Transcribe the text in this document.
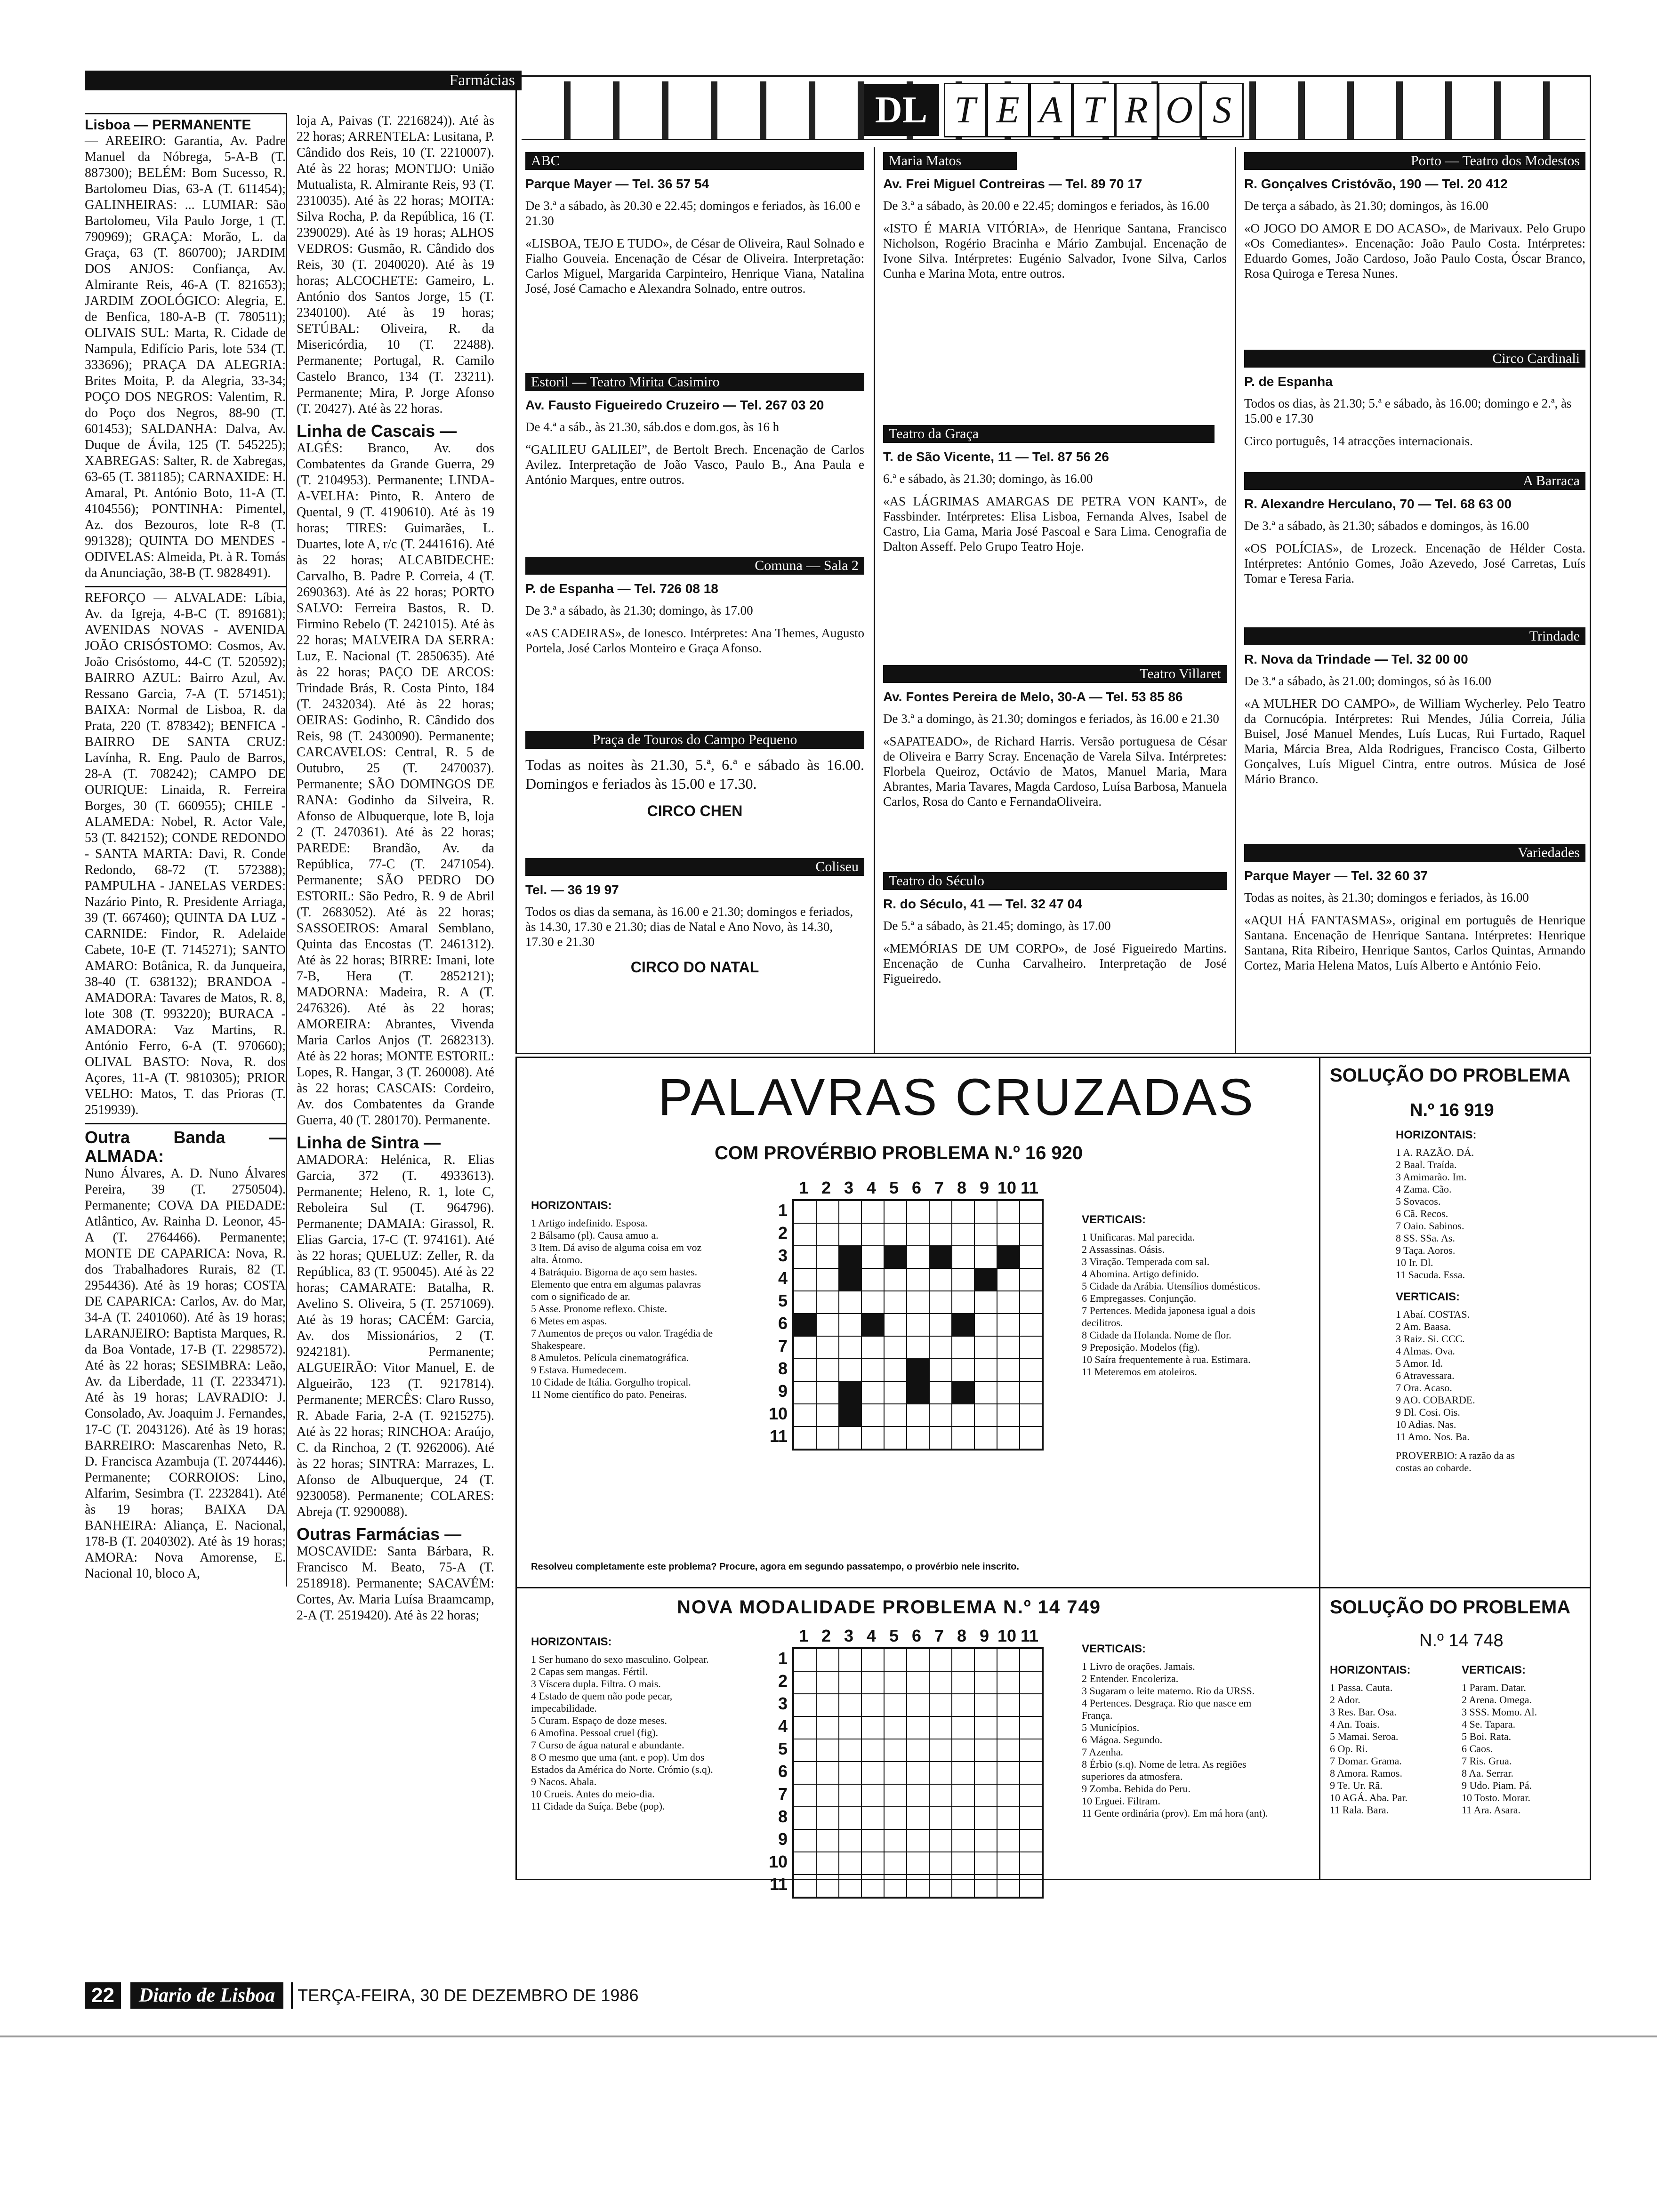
Farmácias
Lisboa — PERMANENTE
— AREEIRO: Garantia, Av. Padre Manuel da Nóbrega, 5-A-B (T. 887300); BELÉM: Bom Sucesso, R. Bartolomeu Dias, 63-A (T. 611454); GALINHEIRAS: ... LUMIAR: São Bartolomeu, Vila Paulo Jorge, 1 (T. 790969); GRAÇA: Morão, L. da Graça, 63 (T. 860700); JARDIM DOS ANJOS: Confiança, Av. Almirante Reis, 46-A (T. 821653); JARDIM ZOOLÓGICO: Alegria, E. de Benfica, 180-A-B (T. 780511); OLIVAIS SUL: Marta, R. Cidade de Nampula, Edifício Paris, lote 534 (T. 333696); PRAÇA DA ALEGRIA: Brites Moita, P. da Alegria, 33-34; POÇO DOS NEGROS: Valentim, R. do Poço dos Negros, 88-90 (T. 601453); SALDANHA: Dalva, Av. Duque de Ávila, 125 (T. 545225); XABREGAS: Salter, R. de Xabregas, 63-65 (T. 381185); CARNAXIDE: H. Amaral, Pt. António Boto, 11-A (T. 4104556); PONTINHA: Pimentel, Az. dos Bezouros, lote R-8 (T. 991328); QUINTA DO MENDES - ODIVELAS: Almeida, Pt. à R. Tomás da Anunciação, 38-B (T. 9828491).
REFORÇO — ALVALADE: Líbia, Av. da Igreja, 4-B-C (T. 891681); AVENIDAS NOVAS - AVENIDA JOÃO CRISÓSTOMO: Cosmos, Av. João Crisóstomo, 44-C (T. 520592); BAIRRO AZUL: Bairro Azul, Av. Ressano Garcia, 7-A (T. 571451); BAIXA: Normal de Lisboa, R. da Prata, 220 (T. 878342); BENFICA - BAIRRO DE SANTA CRUZ: Lavínha, R. Eng. Paulo de Barros, 28-A (T. 708242); CAMPO DE OURIQUE: Linaida, R. Ferreira Borges, 30 (T. 660955); CHILE - ALAMEDA: Nobel, R. Actor Vale, 53 (T. 842152); CONDE REDONDO - SANTA MARTA: Davi, R. Conde Redondo, 68-72 (T. 572388); PAMPULHA - JANELAS VERDES: Nazário Pinto, R. Presidente Arriaga, 39 (T. 667460); QUINTA DA LUZ - CARNIDE: Findor, R. Adelaide Cabete, 10-E (T. 7145271); SANTO AMARO: Botânica, R. da Junqueira, 38-40 (T. 638132); BRANDOA - AMADORA: Tavares de Matos, R. 8, lote 308 (T. 993220); BURACA - AMADORA: Vaz Martins, R. António Ferro, 6-A (T. 970660); OLIVAL BASTO: Nova, R. dos Açores, 11-A (T. 9810305); PRIOR VELHO: Matos, T. das Prioras (T. 2519939).
Outra Banda — ALMADA:
Nuno Álvares, A. D. Nuno Álvares Pereira, 39 (T. 2750504). Permanente; COVA DA PIEDADE: Atlântico, Av. Rainha D. Leonor, 45-A (T. 2764466). Permanente; MONTE DE CAPARICA: Nova, R. dos Trabalhadores Rurais, 82 (T. 2954436). Até às 19 horas; COSTA DE CAPARICA: Carlos, Av. do Mar, 34-A (T. 2401060). Até às 19 horas; LARANJEIRO: Baptista Marques, R. da Boa Vontade, 17-B (T. 2298572). Até às 22 horas; SESIMBRA: Leão, Av. da Liberdade, 11 (T. 2233471). Até às 19 horas; LAVRADIO: J. Consolado, Av. Joaquim J. Fernandes, 17-C (T. 2043126). Até às 19 horas; BARREIRO: Mascarenhas Neto, R. D. Francisca Azambuja (T. 2074446). Permanente; CORROIOS: Lino, Alfarim, Sesimbra (T. 2232841). Até às 19 horas; BAIXA DA BANHEIRA: Aliança, E. Nacional, 178-B (T. 2040302). Até às 19 horas; AMORA: Nova Amorense, E. Nacional 10, bloco A,
loja A, Paivas (T. 2216824)). Até às 22 horas; ARRENTELA: Lusitana, P. Cândido dos Reis, 10 (T. 2210007). Até às 22 horas; MONTIJO: União Mutualista, R. Almirante Reis, 93 (T. 2310035). Até às 22 horas; MOITA: Silva Rocha, P. da República, 16 (T. 2390029). Até às 19 horas; ALHOS VEDROS: Gusmão, R. Cândido dos Reis, 30 (T. 2040020). Até às 19 horas; ALCOCHETE: Gameiro, L. António dos Santos Jorge, 15 (T. 2340100). Até às 19 horas; SETÚBAL: Oliveira, R. da Misericórdia, 10 (T. 22488). Permanente; Portugal, R. Camilo Castelo Branco, 134 (T. 23211). Permanente; Mira, P. Jorge Afonso (T. 20427). Até às 22 horas.
Linha de Cascais —
ALGÉS: Branco, Av. dos Combatentes da Grande Guerra, 29 (T. 2104953). Permanente; LINDA-A-VELHA: Pinto, R. Antero de Quental, 9 (T. 4190610). Até às 19 horas; TIRES: Guimarães, L. Duartes, lote A, r/c (T. 2441616). Até às 22 horas; ALCABIDECHE: Carvalho, B. Padre P. Correia, 4 (T. 2690363). Até às 22 horas; PORTO SALVO: Ferreira Bastos, R. D. Firmino Rebelo (T. 2421015). Até às 22 horas; MALVEIRA DA SERRA: Luz, E. Nacional (T. 2850635). Até às 22 horas; PAÇO DE ARCOS: Trindade Brás, R. Costa Pinto, 184 (T. 2432034). Até às 22 horas; OEIRAS: Godinho, R. Cândido dos Reis, 98 (T. 2430090). Permanente; CARCAVELOS: Central, R. 5 de Outubro, 25 (T. 2470037). Permanente; SÃO DOMINGOS DE RANA: Godinho da Silveira, R. Afonso de Albuquerque, lote B, loja 2 (T. 2470361). Até às 22 horas; PAREDE: Brandão, Av. da República, 77-C (T. 2471054). Permanente; SÃO PEDRO DO ESTORIL: São Pedro, R. 9 de Abril (T. 2683052). Até às 22 horas; SASSOEIROS: Amaral Semblano, Quinta das Encostas (T. 2461312). Até às 22 horas; BIRRE: Imani, lote 7-B, Hera (T. 2852121); MADORNA: Madeira, R. A (T. 2476326). Até às 22 horas; AMOREIRA: Abrantes, Vivenda Maria Carlos Anjos (T. 2682313). Até às 22 horas; MONTE ESTORIL: Lopes, R. Hangar, 3 (T. 260008). Até às 22 horas; CASCAIS: Cordeiro, Av. dos Combatentes da Grande Guerra, 40 (T. 280170). Permanente.
Linha de Sintra —
AMADORA: Helénica, R. Elias Garcia, 372 (T. 4933613). Permanente; Heleno, R. 1, lote C, Reboleira Sul (T. 964796). Permanente; DAMAIA: Girassol, R. Elias Garcia, 17-C (T. 974161). Até às 22 horas; QUELUZ: Zeller, R. da República, 83 (T. 950045). Até às 22 horas; CAMARATE: Batalha, R. Avelino S. Oliveira, 5 (T. 2571069). Até às 19 horas; CACÉM: Garcia, Av. dos Missionários, 2 (T. 9242181). Permanente; ALGUEIRÃO: Vitor Manuel, E. de Algueirão, 123 (T. 9217814). Permanente; MERCÊS: Claro Russo, R. Abade Faria, 2-A (T. 9215275). Até às 22 horas; RINCHOA: Araújo, C. da Rinchoa, 2 (T. 9262006). Até às 22 horas; SINTRA: Marrazes, L. Afonso de Albuquerque, 24 (T. 9230058). Permanente; COLARES: Abreja (T. 9290088).
Outras Farmácias —
MOSCAVIDE: Santa Bárbara, R. Francisco M. Beato, 75-A (T. 2518918). Permanente; SACAVÉM: Cortes, Av. Maria Luísa Braamcamp, 2-A (T. 2519420). Até às 22 horas;
DL T E A T R O S
ABC
Parque Mayer — Tel. 36 57 54
De 3.ª a sábado, às 20.30 e 22.45; domingos e feriados, às 16.00 e 21.30
«LISBOA, TEJO E TUDO», de César de Oliveira, Raul Solnado e Fialho Gouveia. Encenação de César de Oliveira. Interpretação: Carlos Miguel, Margarida Carpinteiro, Henrique Viana, Natalina José, José Camacho e Alexandra Solnado, entre outros.
Estoril — Teatro Mirita Casimiro
Av. Fausto Figueiredo Cruzeiro — Tel. 267 03 20
De 4.ª a sáb., às 21.30, sáb.dos e dom.gos, às 16 h
“GALILEU GALILEI”, de Bertolt Brech. Encenação de Carlos Avilez. Interpretação de João Vasco, Paulo B., Ana Paula e António Marques, entre outros.
Comuna — Sala 2
P. de Espanha — Tel. 726 08 18
De 3.ª a sábado, às 21.30; domingo, às 17.00
«AS CADEIRAS», de Ionesco. Intérpretes: Ana Themes, Augusto Portela, José Carlos Monteiro e Graça Afonso.
Praça de Touros do Campo Pequeno
Todas as noites às 21.30, 5.ª, 6.ª e sábado às 16.00. Domingos e feriados às 15.00 e 17.30.
CIRCO CHEN
Coliseu
Tel. — 36 19 97
Todos os dias da semana, às 16.00 e 21.30; domingos e feriados, às 14.30, 17.30 e 21.30; dias de Natal e Ano Novo, às 14.30, 17.30 e 21.30
CIRCO DO NATAL
Maria Matos
Av. Frei Miguel Contreiras — Tel. 89 70 17
De 3.ª a sábado, às 20.00 e 22.45; domingos e feriados, às 16.00
«ISTO É MARIA VITÓRIA», de Henrique Santana, Francisco Nicholson, Rogério Bracinha e Mário Zambujal. Encenação de Ivone Silva. Intérpretes: Eugénio Salvador, Ivone Silva, Carlos Cunha e Marina Mota, entre outros.
Teatro da Graça
T. de São Vicente, 11 — Tel. 87 56 26
6.ª e sábado, às 21.30; domingo, às 16.00
«AS LÁGRIMAS AMARGAS DE PETRA VON KANT», de Fassbinder. Intérpretes: Elisa Lisboa, Fernanda Alves, Isabel de Castro, Lia Gama, Maria José Pascoal e Sara Lima. Cenografia de Dalton Asseff. Pelo Grupo Teatro Hoje.
Teatro Villaret
Av. Fontes Pereira de Melo, 30-A — Tel. 53 85 86
De 3.ª a domingo, às 21.30; domingos e feriados, às 16.00 e 21.30
«SAPATEADO», de Richard Harris. Versão portuguesa de César de Oliveira e Barry Scray. Encenação de Varela Silva. Intérpretes: Florbela Queiroz, Octávio de Matos, Manuel Maria, Mara Abrantes, Maria Tavares, Magda Cardoso, Luísa Barbosa, Manuela Carlos, Rosa do Canto e FernandaOliveira.
Teatro do Século
R. do Século, 41 — Tel. 32 47 04
De 5.ª a sábado, às 21.45; domingo, às 17.00
«MEMÓRIAS DE UM CORPO», de José Figueiredo Martins. Encenação de Cunha Carvalheiro. Interpretação de José Figueiredo.
Porto — Teatro dos Modestos
R. Gonçalves Cristóvão, 190 — Tel. 20 412
De terça a sábado, às 21.30; domingos, às 16.00
«O JOGO DO AMOR E DO ACASO», de Marivaux. Pelo Grupo «Os Comediantes». Encenação: João Paulo Costa. Intérpretes: Eduardo Gomes, João Cardoso, João Paulo Costa, Óscar Branco, Rosa Quiroga e Teresa Nunes.
Circo Cardinali
P. de Espanha
Todos os dias, às 21.30; 5.ª e sábado, às 16.00; domingo e 2.ª, às 15.00 e 17.30
Circo português, 14 atracções internacionais.
A Barraca
R. Alexandre Herculano, 70 — Tel. 68 63 00
De 3.ª a sábado, às 21.30; sábados e domingos, às 16.00
«OS POLÍCIAS», de Lrozeck. Encenação de Hélder Costa. Intérpretes: António Gomes, João Azevedo, José Carretas, Luís Tomar e Teresa Faria.
Trindade
R. Nova da Trindade — Tel. 32 00 00
De 3.ª a sábado, às 21.00; domingos, só às 16.00
«A MULHER DO CAMPO», de William Wycherley. Pelo Teatro da Cornucópia. Intérpretes: Rui Mendes, Júlia Correia, Júlia Buisel, José Manuel Mendes, Luís Lucas, Rui Furtado, Raquel Maria, Márcia Brea, Alda Rodrigues, Francisco Costa, Gilberto Gonçalves, Luís Miguel Cintra, entre outros. Música de José Mário Branco.
Variedades
Parque Mayer — Tel. 32 60 37
Todas as noites, às 21.30; domingos e feriados, às 16.00
«AQUI HÁ FANTASMAS», original em português de Henrique Santana. Encenação de Henrique Santana. Intérpretes: Henrique Santana, Rita Ribeiro, Henrique Santos, Carlos Quintas, Armando Cortez, Maria Helena Matos, Luís Alberto e António Feio.
PALAVRAS CRUZADAS
COM PROVÉRBIO PROBLEMA N.º 16 920
HORIZONTAIS:
1 Artigo indefinido. Esposa.
2 Bálsamo (pl). Causa amuo a.
3 Item. Dá aviso de alguma coisa em voz alta. Átomo.
4 Batráquio. Bigorna de aço sem hastes. Elemento que entra em algumas palavras com o significado de ar.
5 Asse. Pronome reflexo. Chiste.
6 Metes em aspas.
7 Aumentos de preços ou valor. Tragédia de Shakespeare.
8 Amuletos. Película cinematográfica.
9 Estava. Humedecem.
10 Cidade de Itália. Gorgulho tropical.
11 Nome científico do pato. Peneiras.
1 2 3 4 5 6 7 8 9 10 11
1
2
3
4
5
6
7
8
9
10
11
VERTICAIS:
1 Unificaras. Mal parecida.
2 Assassinas. Oásis.
3 Viração. Temperada com sal.
4 Abomina. Artigo definido.
5 Cidade da Arábia. Utensílios domésticos.
6 Empregasses. Conjunção.
7 Pertences. Medida japonesa igual a dois decilitros.
8 Cidade da Holanda. Nome de flor.
9 Preposição. Modelos (fig).
10 Saíra frequentemente à rua. Estimara.
11 Meteremos em atoleiros.
Resolveu completamente este problema? Procure, agora em segundo passatempo, o provérbio nele inscrito.
SOLUÇÃO DO PROBLEMA
N.º 16 919
HORIZONTAIS:
1 A. RAZÃO. DÁ.
2 Baal. Traída.
3 Amimarão. Im.
4 Zama. Cão.
5 Sovacos.
6 Cã. Recos.
7 Oaio. Sabinos.
8 SS. SSa. As.
9 Taça. Aoros.
10 Ir. Dl.
11 Sacuda. Essa.
VERTICAIS:
1 Abaí. COSTAS.
2 Am. Baasa.
3 Raiz. Si. CCC.
4 Almas. Ova.
5 Amor. Id.
6 Atravessara.
7 Ora. Acaso.
9 AO. COBARDE.
9 Dl. Cosi. Ois.
10 Adias. Nas.
11 Amo. Nos. Ba.
PROVERBIO: A razão da as costas ao cobarde.
NOVA MODALIDADE PROBLEMA N.º 14 749
HORIZONTAIS:
1 Ser humano do sexo masculino. Golpear.
2 Capas sem mangas. Fértil.
3 Víscera dupla. Filtra. O mais.
4 Estado de quem não pode pecar, impecabilidade.
5 Curam. Espaço de doze meses.
6 Amofina. Pessoal cruel (fig).
7 Curso de água natural e abundante.
8 O mesmo que uma (ant. e pop). Um dos Estados da América do Norte. Crómio (s.q).
9 Nacos. Abala.
10 Crueis. Antes do meio-dia.
11 Cidade da Suíça. Bebe (pop).
1 2 3 4 5 6 7 8 9 10 11
1
2
3
4
5
6
7
8
9
10
11
VERTICAIS:
1 Livro de orações. Jamais.
2 Entender. Encoleriza.
3 Sugaram o leite materno. Rio da URSS.
4 Pertences. Desgraça. Rio que nasce em França.
5 Municípios.
6 Mágoa. Segundo.
7 Azenha.
8 Érbio (s.q). Nome de letra. As regiões superiores da atmosfera.
9 Zomba. Bebida do Peru.
10 Erguei. Filtram.
11 Gente ordinária (prov). Em má hora (ant).
SOLUÇÃO DO PROBLEMA
N.º 14 748
HORIZONTAIS:
1 Passa. Cauta.
2 Ador.
3 Res. Bar. Osa.
4 An. Toais.
5 Mamai. Seroa.
6 Op. Ri.
7 Domar. Grama.
8 Amora. Ramos.
9 Te. Ur. Rã.
10 AGÁ. Aba. Par.
11 Rala. Bara.
VERTICAIS:
1 Param. Datar.
2 Arena. Omega.
3 SSS. Momo. Al.
4 Se. Tapara.
5 Boi. Rata.
6 Caos.
7 Ris. Grua.
8 Aa. Serrar.
9 Udo. Piam. Pá.
10 Tosto. Morar.
11 Ara. Asara.
22	Diario de Lisboa	TERÇA-FEIRA, 30 DE DEZEMBRO DE 1986
